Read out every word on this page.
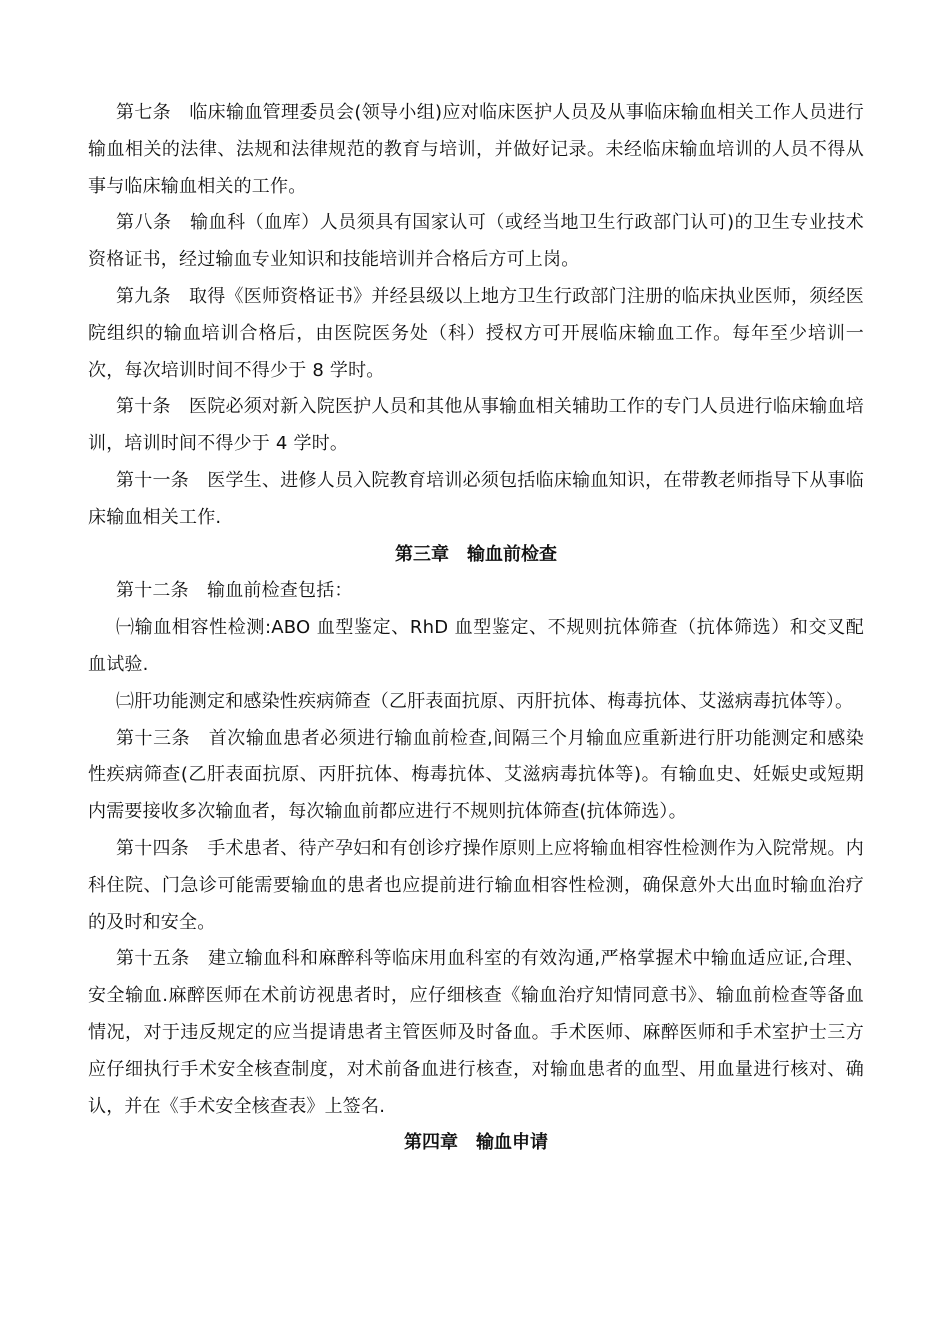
第七条　临床输血管理委员会(领导小组)应对临床医护人员及从事临床输血相关工作人员进行输血相关的法律、法规和法律规范的教育与培训，并做好记录。未经临床输血培训的人员不得从事与临床输血相关的工作。

第八条　输血科（血库）人员须具有国家认可（或经当地卫生行政部门认可)的卫生专业技术资格证书，经过输血专业知识和技能培训并合格后方可上岗。

第九条　取得《医师资格证书》并经县级以上地方卫生行政部门注册的临床执业医师，须经医院组织的输血培训合格后，由医院医务处（科）授权方可开展临床输血工作。每年至少培训一次，每次培训时间不得少于 8 学时。

第十条　医院必须对新入院医护人员和其他从事输血相关辅助工作的专门人员进行临床输血培训，培训时间不得少于 4 学时。

第十一条　医学生、进修人员入院教育培训必须包括临床输血知识，在带教老师指导下从事临床输血相关工作.

第三章　输血前检查

第十二条　输血前检查包括：

㈠输血相容性检测:ABO 血型鉴定、RhD 血型鉴定、不规则抗体筛查（抗体筛选）和交叉配血试验.

㈡肝功能测定和感染性疾病筛查（乙肝表面抗原、丙肝抗体、梅毒抗体、艾滋病毒抗体等）。

第十三条　首次输血患者必须进行输血前检查,间隔三个月输血应重新进行肝功能测定和感染性疾病筛查(乙肝表面抗原、丙肝抗体、梅毒抗体、艾滋病毒抗体等)。有输血史、妊娠史或短期内需要接收多次输血者，每次输血前都应进行不规则抗体筛查(抗体筛选）。

第十四条　手术患者、待产孕妇和有创诊疗操作原则上应将输血相容性检测作为入院常规。内科住院、门急诊可能需要输血的患者也应提前进行输血相容性检测，确保意外大出血时输血治疗的及时和安全。

第十五条　建立输血科和麻醉科等临床用血科室的有效沟通,严格掌握术中输血适应证,合理、安全输血.麻醉医师在术前访视患者时，应仔细核查《输血治疗知情同意书》、输血前检查等备血情况，对于违反规定的应当提请患者主管医师及时备血。手术医师、麻醉医师和手术室护士三方应仔细执行手术安全核查制度，对术前备血进行核查，对输血患者的血型、用血量进行核对、确认，并在《手术安全核查表》上签名.

第四章　输血申请
